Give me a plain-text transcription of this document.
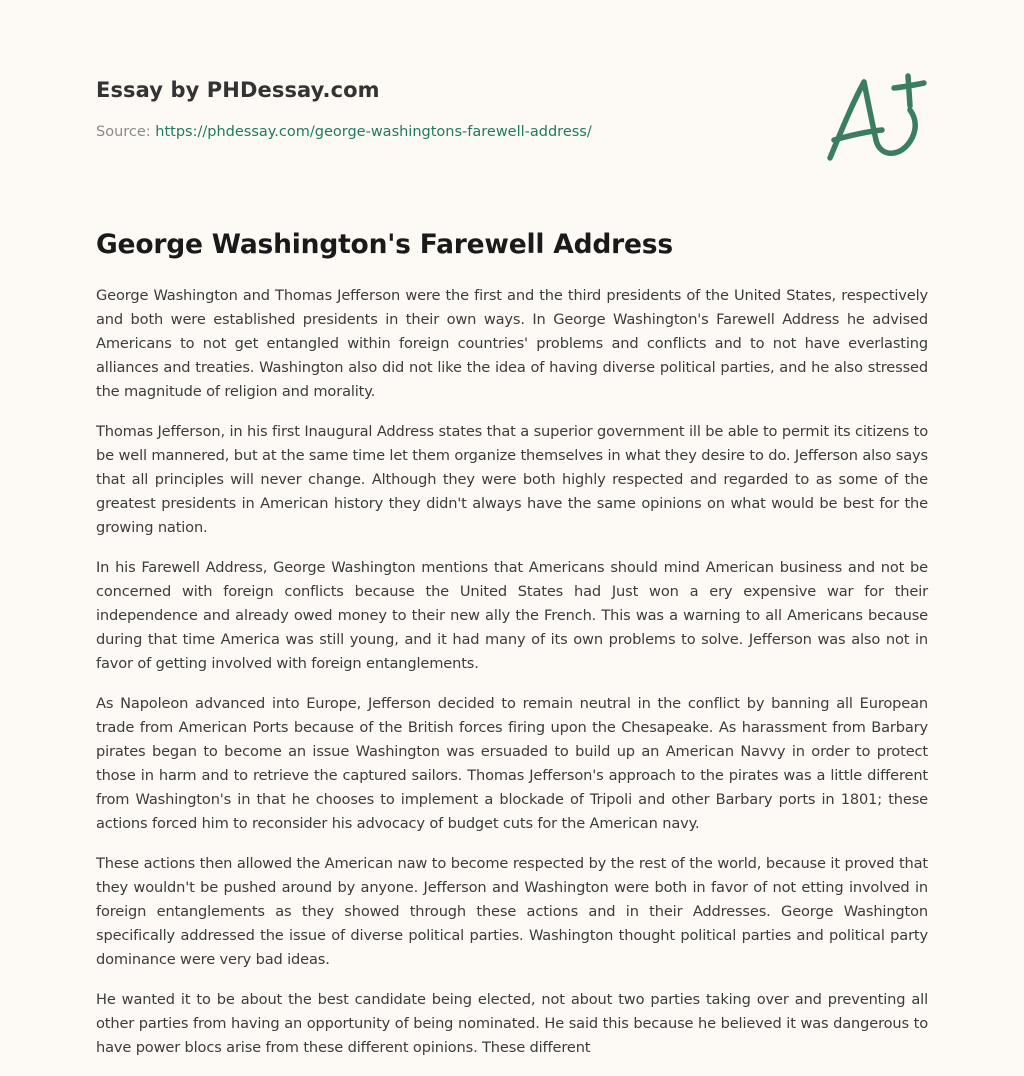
Essay by PHDessay.com
Source: https://phdessay.com/george-washingtons-farewell-address/
George Washington's Farewell Address

George Washington and Thomas Jefferson were the first and the third presidents of the United States, respectively and both were established presidents in their own ways. In George Washington's Farewell Address he advised Americans to not get entangled within foreign countries' problems and conflicts and to not have everlasting alliances and treaties. Washington also did not like the idea of having diverse political parties, and he also stressed the magnitude of religion and morality.

Thomas Jefferson, in his first Inaugural Address states that a superior government ill be able to permit its citizens to be well mannered, but at the same time let them organize themselves in what they desire to do. Jefferson also says that all principles will never change. Although they were both highly respected and regarded to as some of the greatest presidents in American history they didn't always have the same opinions on what would be best for the growing nation.

In his Farewell Address, George Washington mentions that Americans should mind American business and not be concerned with foreign conflicts because the United States had Just won a ery expensive war for their independence and already owed money to their new ally the French. This was a warning to all Americans because during that time America was still young, and it had many of its own problems to solve. Jefferson was also not in favor of getting involved with foreign entanglements.

As Napoleon advanced into Europe, Jefferson decided to remain neutral in the conflict by banning all European trade from American Ports because of the British forces firing upon the Chesapeake. As harassment from Barbary pirates began to become an issue Washington was ersuaded to build up an American Navvy in order to protect those in harm and to retrieve the captured sailors. Thomas Jefferson's approach to the pirates was a little different from Washington's in that he chooses to implement a blockade of Tripoli and other Barbary ports in 1801; these actions forced him to reconsider his advocacy of budget cuts for the American navy.

These actions then allowed the American naw to become respected by the rest of the world, because it proved that they wouldn't be pushed around by anyone. Jefferson and Washington were both in favor of not etting involved in foreign entanglements as they showed through these actions and in their Addresses. George Washington specifically addressed the issue of diverse political parties. Washington thought political parties and political party dominance were very bad ideas.

He wanted it to be about the best candidate being elected, not about two parties taking over and preventing all other parties from having an opportunity of being nominated. He said this because he believed it was dangerous to have power blocs arise from these different opinions. These different
